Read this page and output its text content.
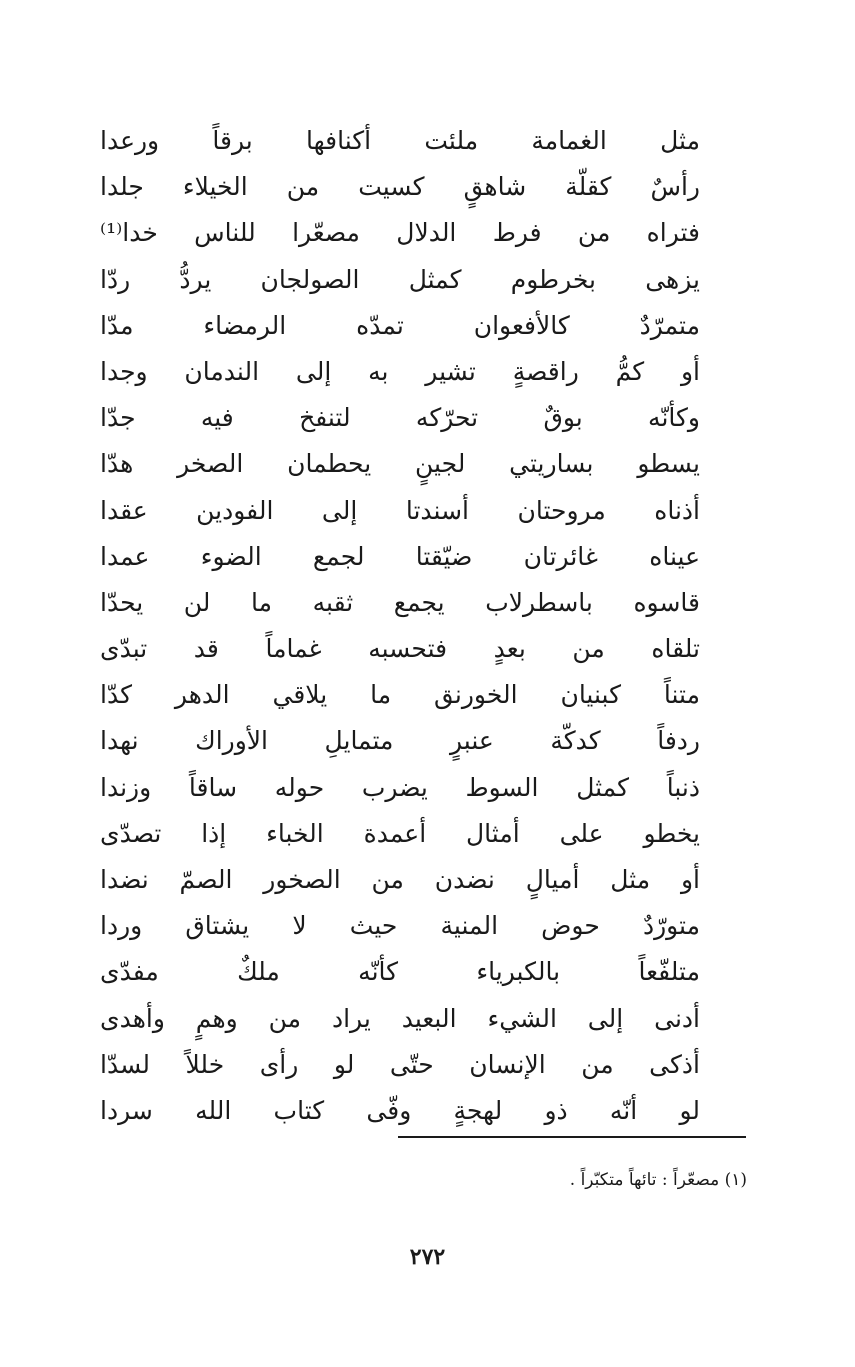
مثل الغمامة ملئت أكنافها برقاً ورعدا
رأسٌ كقلّة شاهقٍ كسيت من الخيلاء جلدا
فتراه من فرط الدلال مصعّرا للناس خدا⁽¹⁾
يزهى بخرطوم كمثل الصولجان يردُّ ردّا
متمرّدٌ كالأفعوان تمدّه الرمضاء مدّا
أو كمُّ راقصةٍ تشير به إلى الندمان وجدا
وكأنّه بوقٌ تحرّكه لتنفخ فيه جدّا
يسطو بساريتي لجينٍ يحطمان الصخر هدّا
أذناه مروحتان أسندتا إلى الفودين عقدا
عيناه غائرتان ضيّقتا لجمع الضوء عمدا
قاسوه باسطرلاب يجمع ثقبه ما لن يحدّا
تلقاه من بعدٍ فتحسبه غماماً قد تبدّى
متناً كبنيان الخورنق ما يلاقي الدهر كدّا
ردفاً كدكّة عنبرٍ متمايلِ الأوراك نهدا
ذنباً كمثل السوط يضرب حوله ساقاً وزندا
يخطو على أمثال أعمدة الخباء إذا تصدّى
أو مثل أميالٍ نضدن من الصخور الصمّ نضدا
متورّدٌ حوض المنية حيث لا يشتاق وردا
متلفّعاً بالكبرياء كأنّه ملكٌ مفدّى
أدنى إلى الشيء البعيد يراد من وهمٍ وأهدى
أذكى من الإنسان حتّى لو رأى خللاً لسدّا
لو أنّه ذو لهجةٍ وفّى كتاب الله سردا
(١) مصعّراً : تائهاً متكبّراً .
٢٧٢
